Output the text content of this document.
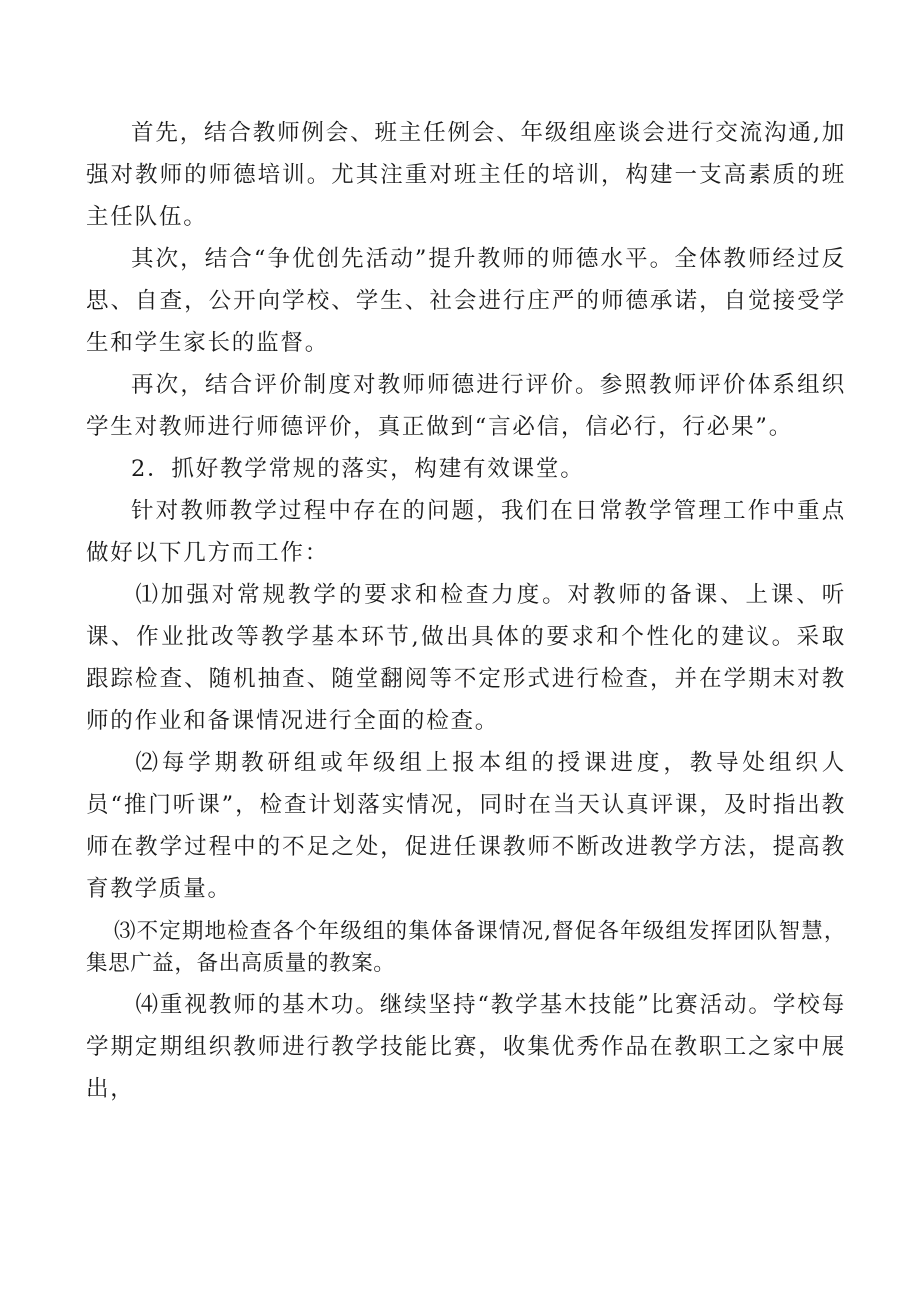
首先，结合教师例会、班主任例会、年级组座谈会进行交流沟通,加强对教师的师德培训。尤其注重对班主任的培训，构建一支高素质的班主任队伍。

其次，结合“争优创先活动”提升教师的师德水平。全体教师经过反思、自查，公开向学校、学生、社会进行庄严的师德承诺，自觉接受学生和学生家长的监督。

再次，结合评价制度对教师师德进行评价。参照教师评价体系组织学生对教师进行师德评价，真正做到“言必信，信必行，行必果”。

2．抓好教学常规的落实，构建有效课堂。

针对教师教学过程中存在的问题，我们在日常教学管理工作中重点做好以下几方而工作：

⑴加强对常规教学的要求和检查力度。对教师的备课、上课、听课、作业批改等教学基本环节,做出具体的要求和个性化的建议。采取跟踪检查、随机抽查、随堂翻阅等不定形式进行检查，并在学期末对教师的作业和备课情况进行全面的检查。

⑵每学期教研组或年级组上报本组的授课进度，教导处组织人员“推门听课”，检查计划落实情况，同时在当天认真评课，及时指出教师在教学过程中的不足之处，促进任课教师不断改进教学方法，提高教育教学质量。

⑶不定期地检查各个年级组的集体备课情况,督促各年级组发挥团队智慧，集思广益，备出高质量的教案。

⑷重视教师的基木功。继续坚持“教学基木技能”比赛活动。学校每学期定期组织教师进行教学技能比赛，收集优秀作品在教职工之家中展出，
